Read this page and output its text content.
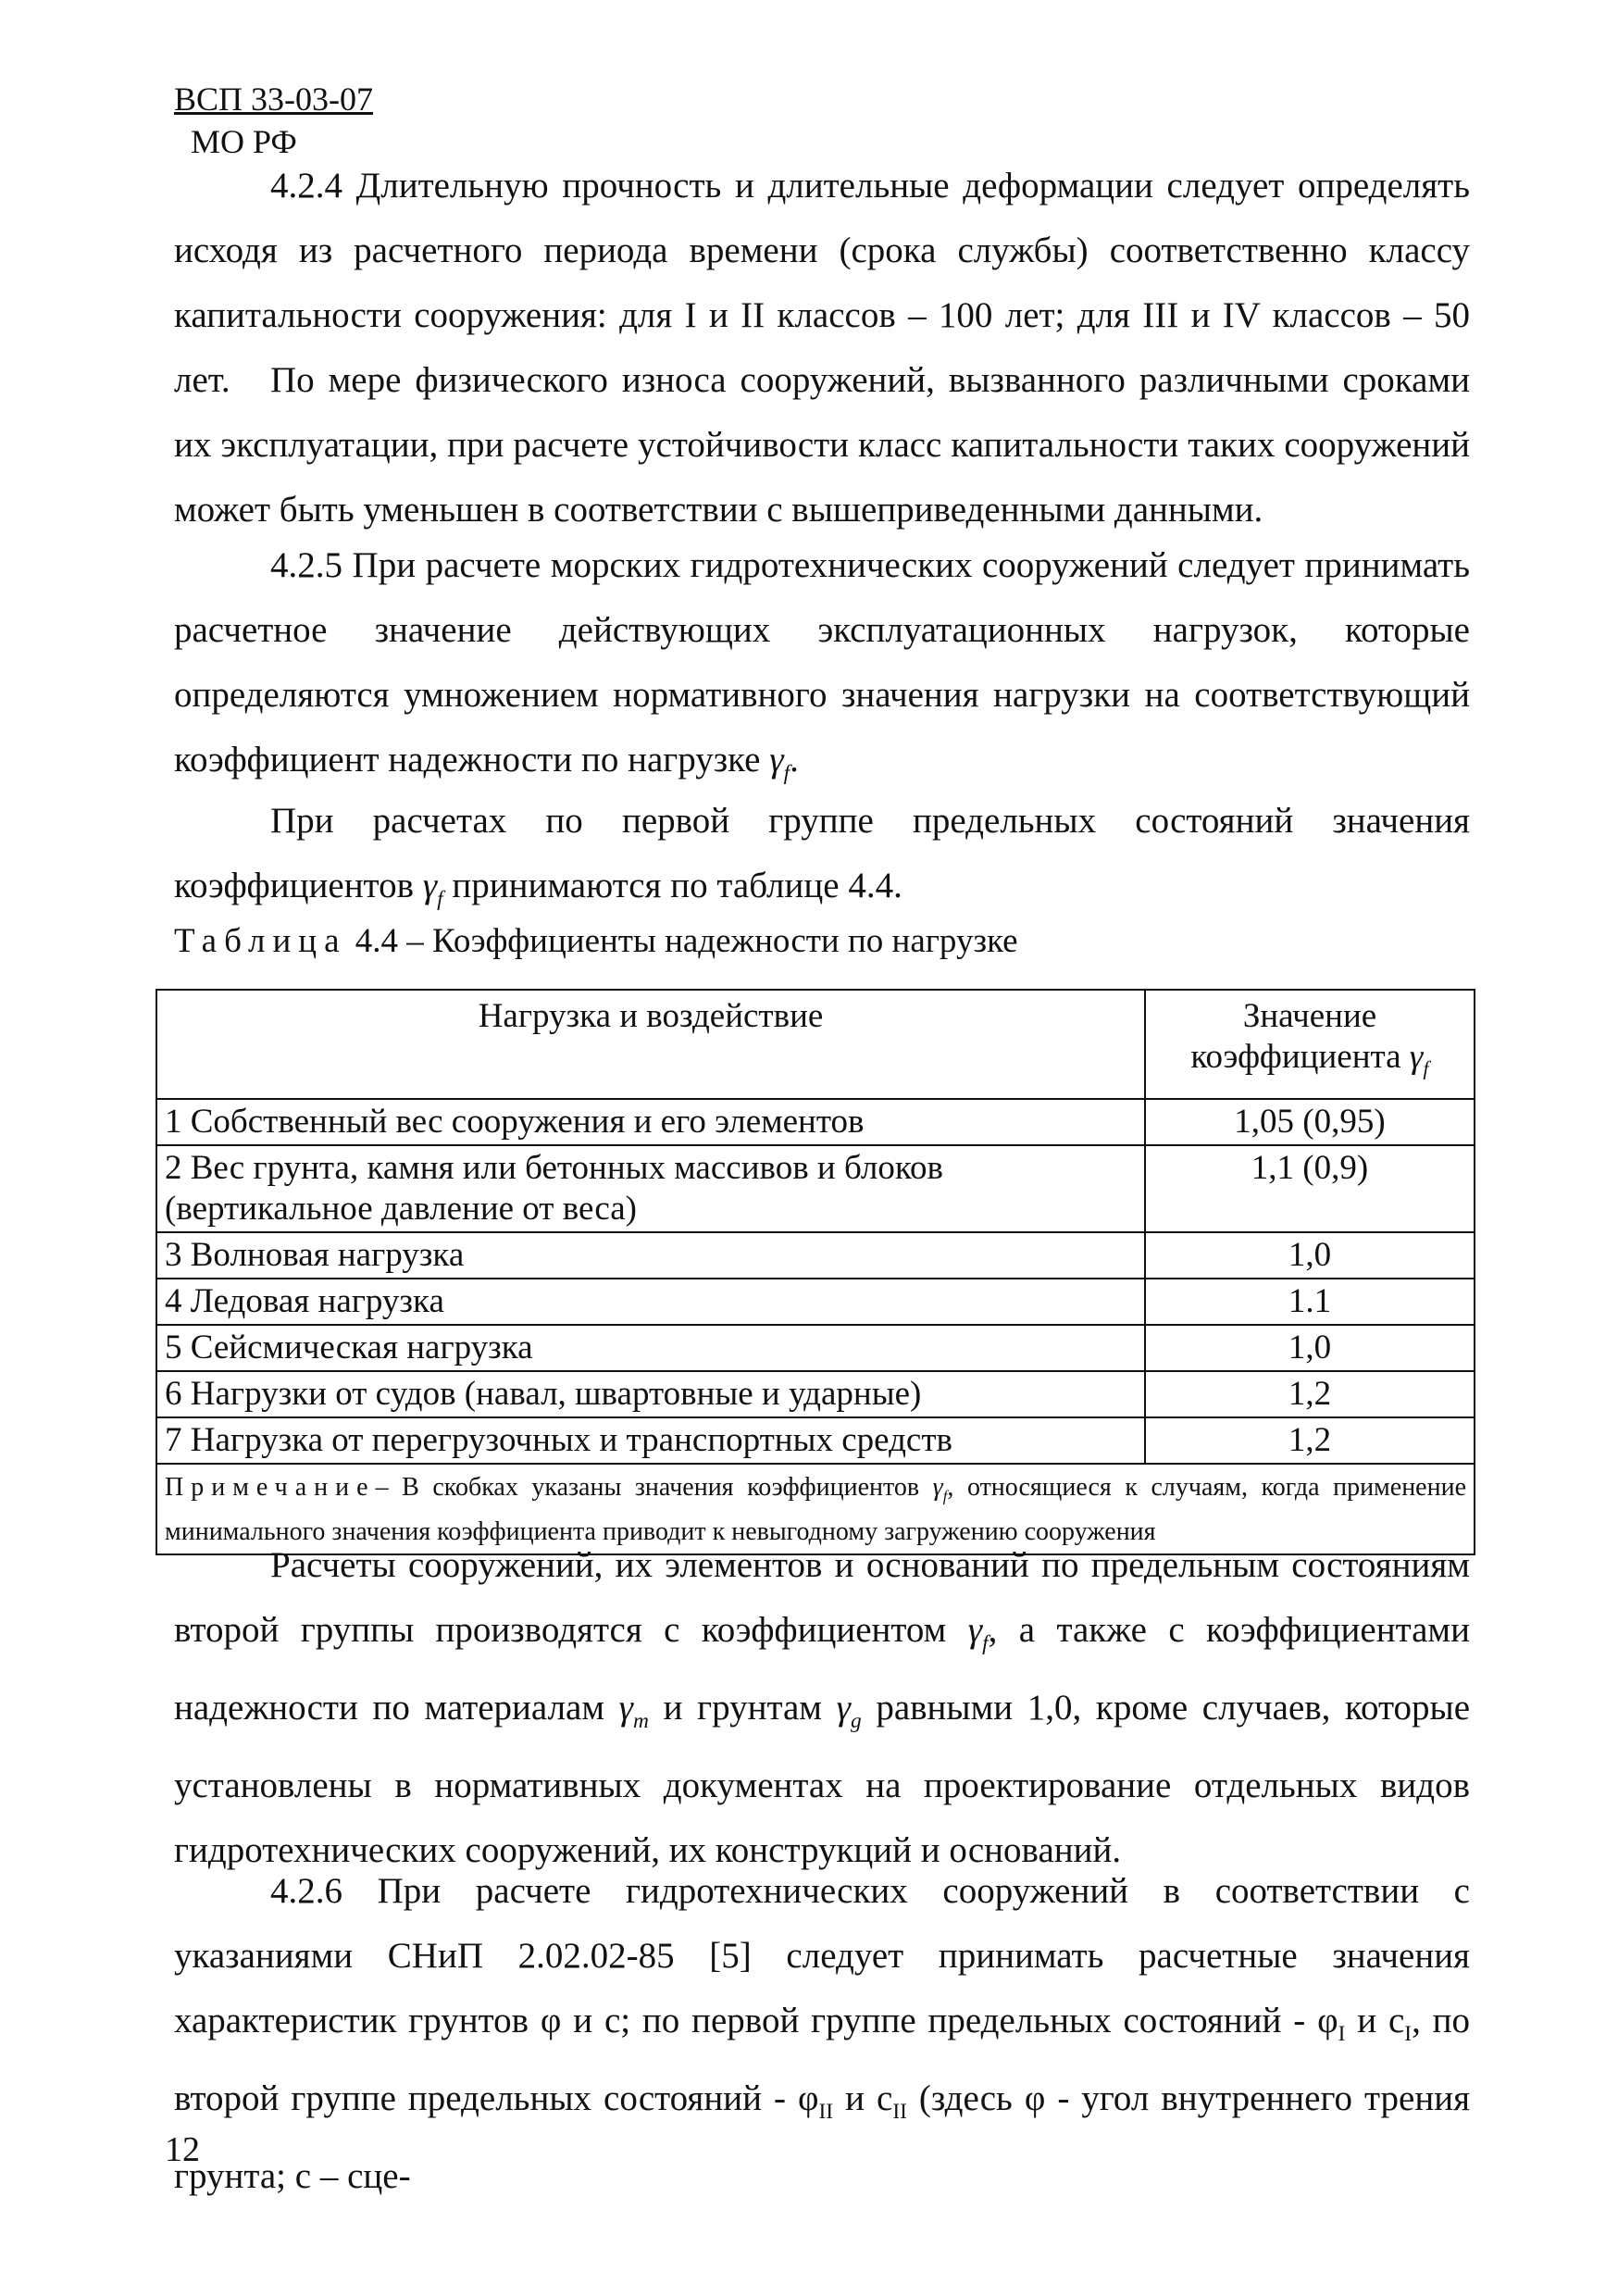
ВСП 33-03-07
МО РФ

4.2.4 Длительную прочность и длительные деформации следует определять исходя из расчетного периода времени (срока службы) соответственно классу капитальности сооружения: для I и II классов – 100 лет; для III и IV классов – 50 лет.	По мере физического износа сооружений, вызванного различными сроками их эксплуатации, при расчете устойчивости класс капитальности таких сооружений может быть уменьшен в соответствии с вышеприведенными данными.

4.2.5 При расчете морских гидротехнических сооружений следует принимать расчетное значение действующих эксплуатационных нагрузок, которые определяются умножением нормативного значения нагрузки на соответствующий коэффициент надежности по нагрузке $\gamma_f$.

При расчетах по первой группе предельных состояний значения коэффициентов $\gamma_f$ принимаются по таблице 4.4.

Таблица 4.4 – Коэффициенты надежности по нагрузке
Нагрузка и воздействие	Значение коэффициента $\gamma_f$
1 Собственный вес сооружения и его элементов	1,05 (0,95)
2 Вес грунта, камня или бетонных массивов и блоков (вертикальное давление от веса)	1,1 (0,9)
3 Волновая нагрузка	1,0
4 Ледовая нагрузка	1.1
5 Сейсмическая нагрузка	1,0
6 Нагрузки от судов (навал, швартовные и ударные)	1,2
7 Нагрузка от перегрузочных и транспортных средств	1,2
Примечание– В скобках указаны значения коэффициентов $\gamma_f$, относящиеся к случаям, когда применение минимального значения коэффициента приводит к невыгодному загружению сооружения	

Расчеты сооружений, их элементов и оснований по предельным состояниям второй группы производятся с коэффициентом $\gamma_f$, а также с коэффициентами надежности по материалам $\gamma_m$ и грунтам $\gamma_g$ равными 1,0, кроме случаев, которые установлены в нормативных документах на проектирование отдельных видов гидротехнических сооружений, их конструкций и оснований.

4.2.6 При расчете гидротехнических сооружений в соответствии с указаниями СНиП 2.02.02-85 [5] следует принимать расчетные значения характеристик грунтов φ и c; по первой группе предельных состояний - $\varphi_I$ и $c_I$, по второй группе предельных состояний - $\varphi_{II}$ и $c_{II}$ (здесь φ - угол внутреннего трения грунта; c – сце-

12
